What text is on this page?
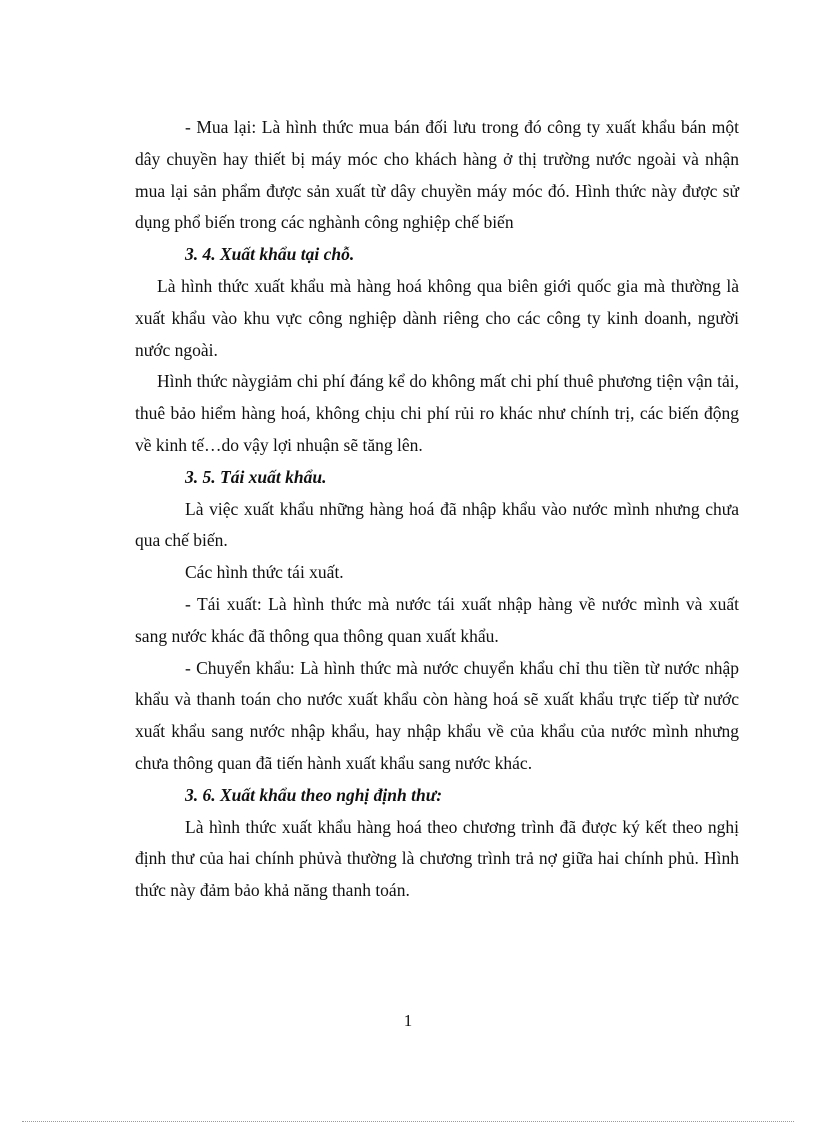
- Mua lại: Là hình thức mua bán đối lưu trong đó công ty xuất khẩu bán một dây chuyền hay thiết bị máy móc cho khách hàng ở thị trường nước ngoài và nhận mua lại sản phẩm được sản xuất từ dây chuyền máy móc đó. Hình thức này được sử dụng phổ biến trong các nghành công nghiệp chế biến

3. 4. Xuất khẩu tại chỗ.

Là hình thức xuất khẩu mà hàng hoá không qua biên giới quốc gia mà thường là xuất khẩu vào khu vực công nghiệp dành riêng cho các công ty kinh doanh, người nước ngoài.

Hình thức nàygiảm chi phí đáng kể do không mất chi phí thuê phương tiện vận tải, thuê bảo hiểm hàng hoá, không chịu chi phí rủi ro khác như chính trị, các biến động về kinh tế…do vậy lợi nhuận sẽ tăng lên.

3. 5. Tái xuất khẩu.

Là việc xuất khẩu những hàng hoá đã nhập khẩu vào nước mình nhưng chưa qua chế biến.

Các hình thức tái xuất.

- Tái xuất: Là hình thức mà nước tái xuất nhập hàng về nước mình và xuất sang nước khác đã thông qua thông quan xuất khẩu.

- Chuyển khẩu: Là hình thức mà nước chuyển khẩu chỉ thu tiền từ nước nhập khẩu và thanh toán cho nước xuất khẩu còn hàng hoá sẽ xuất khẩu trực tiếp từ nước xuất khẩu sang nước nhập khẩu, hay nhập khẩu về của khẩu của nước mình nhưng chưa thông quan đã tiến hành xuất khẩu sang nước khác.

3. 6. Xuất khẩu theo nghị định thư:

Là hình thức xuất khẩu hàng hoá theo chương trình đã được ký kết theo nghị định thư của hai chính phủvà thường là chương trình trả nợ giữa hai chính phủ. Hình thức này đảm bảo khả năng thanh toán.

1
